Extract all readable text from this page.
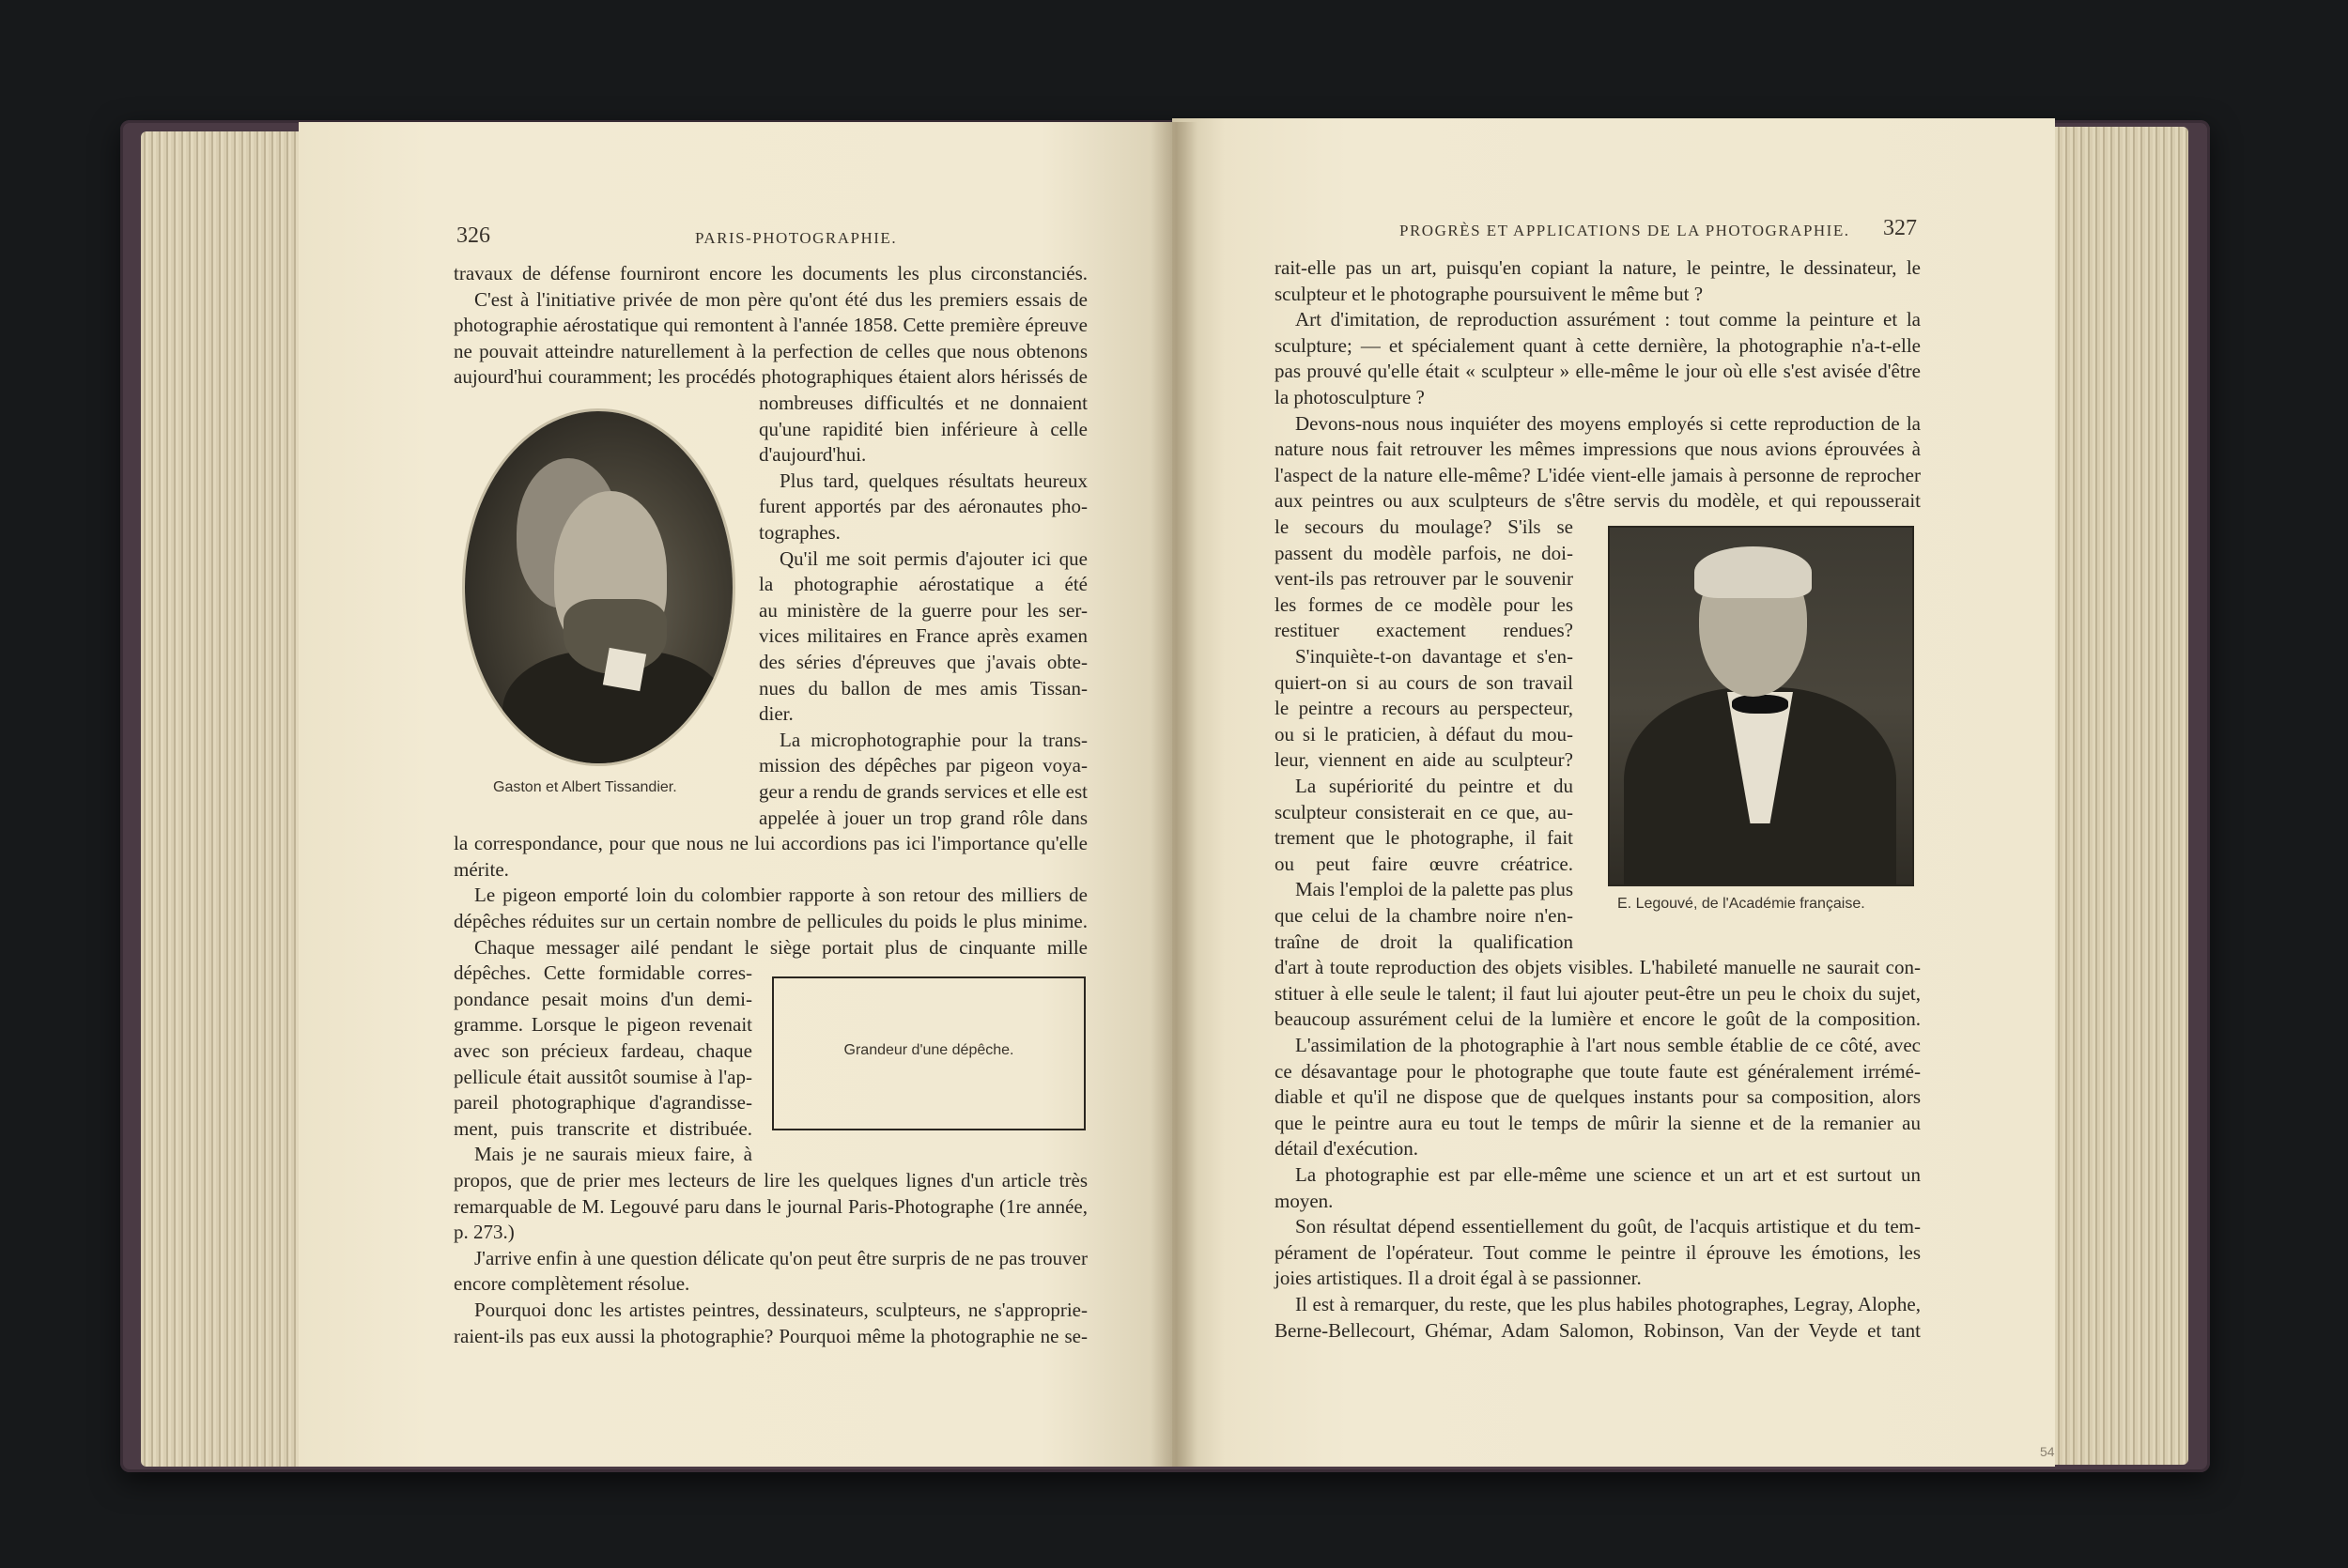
326	PARIS-PHOTOGRAPHIE.	PROGRÈS ET APPLICATIONS DE LA PHOTOGRAPHIE. 327
Gaston et Albert Tissandier.
Grandeur d'une dépêche.
E. Legouvé, de l'Académie française.
54
travaux de défense fourniront encore les documents les plus circonstanciés.
C'est à l'initiative privée de mon père qu'ont été dus les premiers essais de
photographie aérostatique qui remontent à l'année 1858. Cette première épreuve
ne pouvait atteindre naturellement à la perfection de celles que nous obtenons
aujourd'hui couramment; les procédés photographiques étaient alors hérissés de
nombreuses difficultés et ne donnaient
qu'une rapidité bien inférieure à celle
d'aujourd'hui.
Plus tard, quelques résultats heureux
furent apportés par des aéronautes pho-
tographes.
Qu'il me soit permis d'ajouter ici que
la photographie aérostatique a été
au ministère de la guerre pour les ser-
vices militaires en France après examen
des séries d'épreuves que j'avais obte-
nues du ballon de mes amis Tissan-
dier.
La microphotographie pour la trans-
mission des dépêches par pigeon voya-
geur a rendu de grands services et elle est
appelée à jouer un trop grand rôle dans
la correspondance, pour que nous ne lui accordions pas ici l'importance qu'elle
mérite.
Le pigeon emporté loin du colombier rapporte à son retour des milliers de
dépêches réduites sur un certain nombre de pellicules du poids le plus minime.
Chaque messager ailé pendant le siège portait plus de cinquante mille
dépêches. Cette formidable corres-
pondance pesait moins d'un demi-
gramme. Lorsque le pigeon revenait
avec son précieux fardeau, chaque
pellicule était aussitôt soumise à l'ap-
pareil photographique d'agrandisse-
ment, puis transcrite et distribuée.
Mais je ne saurais mieux faire, à
propos, que de prier mes lecteurs de lire les quelques lignes d'un article très
remarquable de M. Legouvé paru dans le journal Paris-Photographe (1re année,
p. 273.)
J'arrive enfin à une question délicate qu'on peut être surpris de ne pas trouver
encore complètement résolue.
Pourquoi donc les artistes peintres, dessinateurs, sculpteurs, ne s'approprie-
raient-ils pas eux aussi la photographie? Pourquoi même la photographie ne se-
rait-elle pas un art, puisqu'en copiant la nature, le peintre, le dessinateur, le
sculpteur et le photographe poursuivent le même but ?
Art d'imitation, de reproduction assurément : tout comme la peinture et la
sculpture; — et spécialement quant à cette dernière, la photographie n'a-t-elle
pas prouvé qu'elle était « sculpteur » elle-même le jour où elle s'est avisée d'être
la photosculpture ?
Devons-nous nous inquiéter des moyens employés si cette reproduction de la
nature nous fait retrouver les mêmes impressions que nous avions éprouvées à
l'aspect de la nature elle-même? L'idée vient-elle jamais à personne de reprocher
aux peintres ou aux sculpteurs de s'être servis du modèle, et qui repousserait
le secours du moulage? S'ils se
passent du modèle parfois, ne doi-
vent-ils pas retrouver par le souvenir
les formes de ce modèle pour les
restituer exactement rendues?
S'inquiète-t-on davantage et s'en-
quiert-on si au cours de son travail
le peintre a recours au perspecteur,
ou si le praticien, à défaut du mou-
leur, viennent en aide au sculpteur?
La supériorité du peintre et du
sculpteur consisterait en ce que, au-
trement que le photographe, il fait
ou peut faire œuvre créatrice.
Mais l'emploi de la palette pas plus
que celui de la chambre noire n'en-
traîne de droit la qualification
d'art à toute reproduction des objets visibles. L'habileté manuelle ne saurait con-
stituer à elle seule le talent; il faut lui ajouter peut-être un peu le choix du sujet,
beaucoup assurément celui de la lumière et encore le goût de la composition.
L'assimilation de la photographie à l'art nous semble établie de ce côté, avec
ce désavantage pour le photographe que toute faute est généralement irrémé-
diable et qu'il ne dispose que de quelques instants pour sa composition, alors
que le peintre aura eu tout le temps de mûrir la sienne et de la remanier au
détail d'exécution.
La photographie est par elle-même une science et un art et est surtout un
moyen.
Son résultat dépend essentiellement du goût, de l'acquis artistique et du tem-
pérament de l'opérateur. Tout comme le peintre il éprouve les émotions, les
joies artistiques. Il a droit égal à se passionner.
Il est à remarquer, du reste, que les plus habiles photographes, Legray, Alophe,
Berne-Bellecourt, Ghémar, Adam Salomon, Robinson, Van der Veyde et tant
